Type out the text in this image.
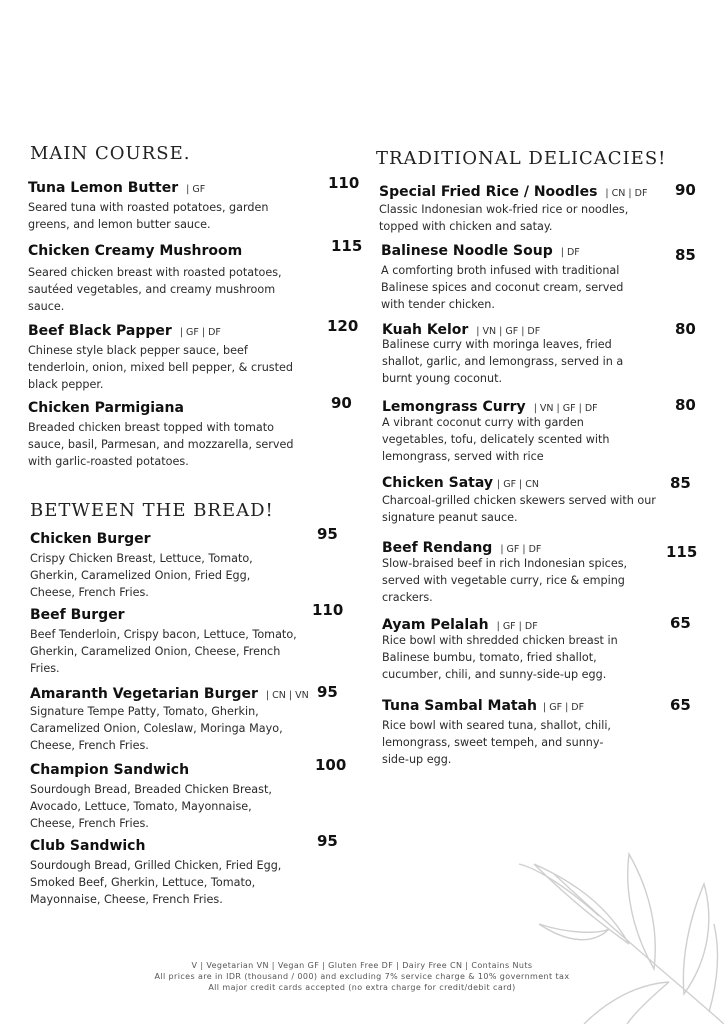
MAIN COURSE.
Tuna Lemon Butter | GF	110
Seared tuna with roasted potatoes, garden greens, and lemon butter sauce.
Chicken Creamy Mushroom	115
Seared chicken breast with roasted potatoes, sautéed vegetables, and creamy mushroom sauce.
Beef Black Papper | GF | DF	120
Chinese style black pepper sauce, beef tenderloin, onion, mixed bell pepper, & crusted black pepper.
Chicken Parmigiana	90
Breaded chicken breast topped with tomato sauce, basil, Parmesan, and mozzarella, served with garlic-roasted potatoes.
BETWEEN THE BREAD!
Chicken Burger	95
Crispy Chicken Breast, Lettuce, Tomato, Gherkin, Caramelized Onion, Fried Egg, Cheese, French Fries.
Beef Burger	110
Beef Tenderloin, Crispy bacon, Lettuce, Tomato, Gherkin, Caramelized Onion, Cheese, French Fries.
Amaranth Vegetarian Burger | CN | VN 95
Signature Tempe Patty, Tomato, Gherkin, Caramelized Onion, Coleslaw, Moringa Mayo, Cheese, French Fries.
Champion Sandwich	100
Sourdough Bread, Breaded Chicken Breast, Avocado, Lettuce, Tomato, Mayonnaise, Cheese, French Fries.
Club Sandwich	95
Sourdough Bread, Grilled Chicken, Fried Egg, Smoked Beef, Gherkin, Lettuce, Tomato, Mayonnaise, Cheese, French Fries.
TRADITIONAL DELICACIES!
Special Fried Rice / Noodles | CN | DF 90
Classic Indonesian wok-fried rice or noodles, topped with chicken and satay.
Balinese Noodle Soup | DF	85
A comforting broth infused with traditional Balinese spices and coconut cream, served with tender chicken.
Kuah Kelor | VN | GF | DF	80
Balinese curry with moringa leaves, fried shallot, garlic, and lemongrass, served in a burnt young coconut.
Lemongrass Curry | VN | GF | DF	80
A vibrant coconut curry with garden vegetables, tofu, delicately scented with lemongrass, served with rice
Chicken Satay | GF | CN	85
Charcoal-grilled chicken skewers served with our signature peanut sauce.
Beef Rendang | GF | DF	115
Slow-braised beef in rich Indonesian spices, served with vegetable curry, rice & emping crackers.
Ayam Pelalah | GF | DF	65
Rice bowl with shredded chicken breast in Balinese bumbu, tomato, fried shallot, cucumber, chili, and sunny-side-up egg.
Tuna Sambal Matah | GF | DF	65
Rice bowl with seared tuna, shallot, chili, lemongrass, sweet tempeh, and sunny-side-up egg.
V | Vegetarian VN | Vegan GF | Gluten Free DF | Dairy Free CN | Contains Nuts
All prices are in IDR (thousand / 000) and excluding 7% service charge & 10% government tax
All major credit cards accepted (no extra charge for credit/debit card)
